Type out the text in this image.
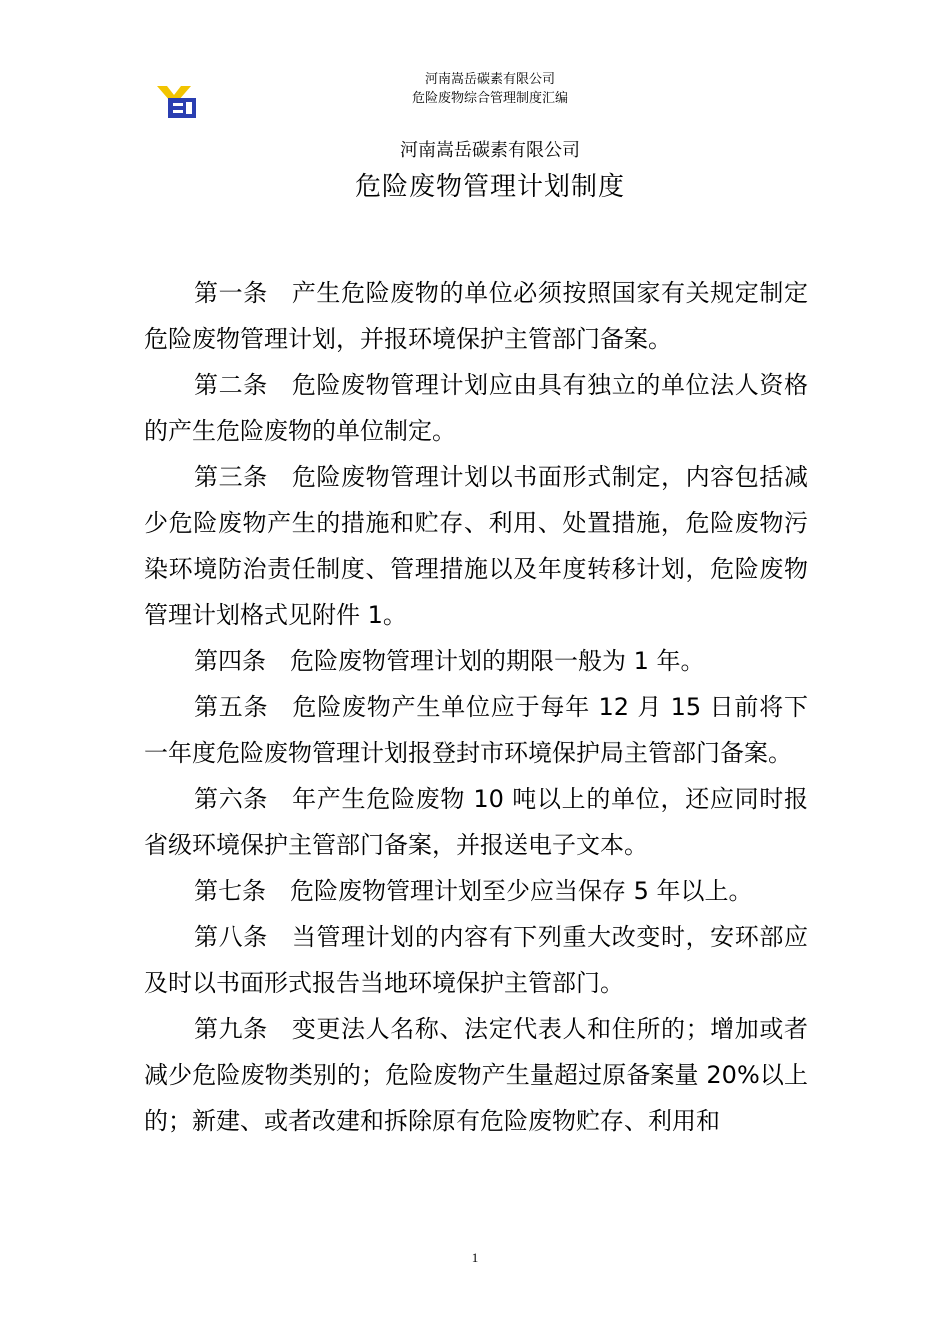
河南嵩岳碳素有限公司
危险废物综合管理制度汇编
河南嵩岳碳素有限公司
危险废物管理计划制度

第一条 产生危险废物的单位必须按照国家有关规定制定危险废物管理计划，并报环境保护主管部门备案。

第二条 危险废物管理计划应由具有独立的单位法人资格的产生危险废物的单位制定。

第三条 危险废物管理计划以书面形式制定，内容包括减少危险废物产生的措施和贮存、利用、处置措施，危险废物污染环境防治责任制度、管理措施以及年度转移计划，危险废物管理计划格式见附件 1。

第四条 危险废物管理计划的期限一般为 1 年。

第五条 危险废物产生单位应于每年 12 月 15 日前将下一年度危险废物管理计划报登封市环境保护局主管部门备案。

第六条 年产生危险废物 10 吨以上的单位，还应同时报省级环境保护主管部门备案，并报送电子文本。

第七条 危险废物管理计划至少应当保存 5 年以上。

第八条 当管理计划的内容有下列重大改变时，安环部应及时以书面形式报告当地环境保护主管部门。

第九条 变更法人名称、法定代表人和住所的；增加或者减少危险废物类别的；危险废物产生量超过原备案量 20%以上的；新建、或者改建和拆除原有危险废物贮存、利用和

1
